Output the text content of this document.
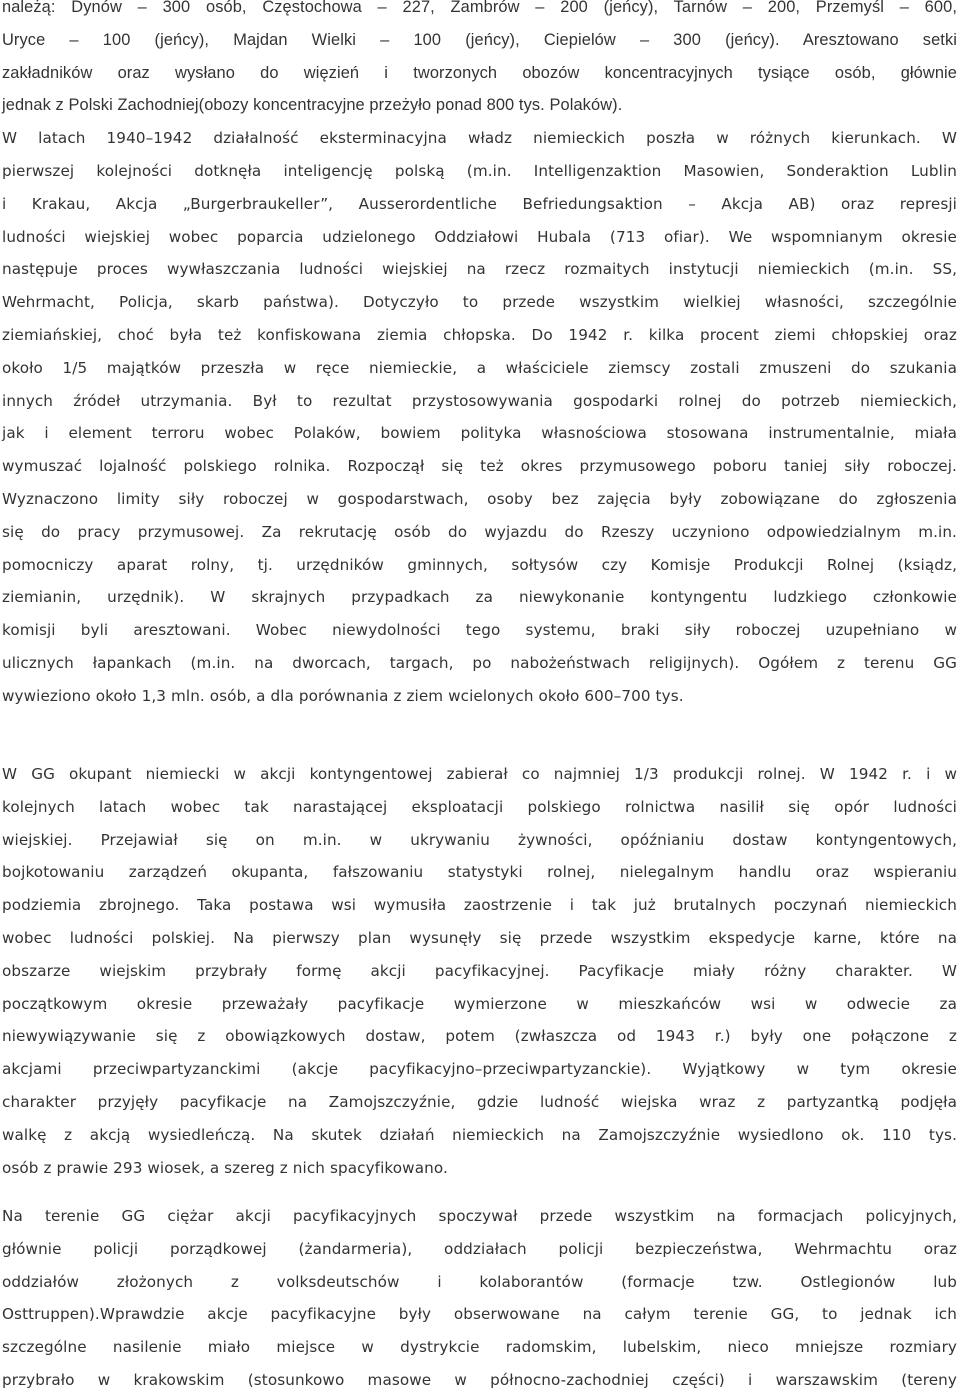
należą: Dynów – 300 osób, Częstochowa – 227, Zambrów – 200 (jeńcy), Tarnów – 200, Przemyśl – 600,
Uryce – 100 (jeńcy), Majdan Wielki – 100 (jeńcy), Ciepielów – 300 (jeńcy). Aresztowano setki
zakładników oraz wysłano do więzień i tworzonych obozów koncentracyjnych tysiące osób, głównie
jednak z Polski Zachodniej(obozy koncentracyjne przeżyło ponad 800 tys. Polaków).
W latach 1940–1942 działalność eksterminacyjna władz niemieckich poszła w różnych kierunkach. W
pierwszej kolejności dotknęła inteligencję polską (m.in. Intelligenzaktion Masowien, Sonderaktion Lublin
i Krakau, Akcja „Burgerbraukeller”, Ausserordentliche Befriedungsaktion – Akcja AB) oraz represji
ludności wiejskiej wobec poparcia udzielonego Oddziałowi Hubala (713 ofiar). We wspomnianym okresie
następuje proces wywłaszczania ludności wiejskiej na rzecz rozmaitych instytucji niemieckich (m.in. SS,
Wehrmacht, Policja, skarb państwa). Dotyczyło to przede wszystkim wielkiej własności, szczególnie
ziemiańskiej, choć była też konfiskowana ziemia chłopska. Do 1942 r. kilka procent ziemi chłopskiej oraz
około 1/5 majątków przeszła w ręce niemieckie, a właściciele ziemscy zostali zmuszeni do szukania
innych źródeł utrzymania. Był to rezultat przystosowywania gospodarki rolnej do potrzeb niemieckich,
jak i element terroru wobec Polaków, bowiem polityka własnościowa stosowana instrumentalnie, miała
wymuszać lojalność polskiego rolnika. Rozpoczął się też okres przymusowego poboru taniej siły roboczej.
Wyznaczono limity siły roboczej w gospodarstwach, osoby bez zajęcia były zobowiązane do zgłoszenia
się do pracy przymusowej. Za rekrutację osób do wyjazdu do Rzeszy uczyniono odpowiedzialnym m.in.
pomocniczy aparat rolny, tj. urzędników gminnych, sołtysów czy Komisje Produkcji Rolnej (ksiądz,
ziemianin, urzędnik). W skrajnych przypadkach za niewykonanie kontyngentu ludzkiego członkowie
komisji byli aresztowani. Wobec niewydolności tego systemu, braki siły roboczej uzupełniano w
ulicznych łapankach (m.in. na dworcach, targach, po nabożeństwach religijnych). Ogółem z terenu GG
wywieziono około 1,3 mln. osób, a dla porównania z ziem wcielonych około 600–700 tys.
W GG okupant niemiecki w akcji kontyngentowej zabierał co najmniej 1/3 produkcji rolnej. W 1942 r. i w
kolejnych latach wobec tak narastającej eksploatacji polskiego rolnictwa nasilił się opór ludności
wiejskiej. Przejawiał się on m.in. w ukrywaniu żywności, opóźnianiu dostaw kontyngentowych,
bojkotowaniu zarządzeń okupanta, fałszowaniu statystyki rolnej, nielegalnym handlu oraz wspieraniu
podziemia zbrojnego. Taka postawa wsi wymusiła zaostrzenie i tak już brutalnych poczynań niemieckich
wobec ludności polskiej. Na pierwszy plan wysunęły się przede wszystkim ekspedycje karne, które na
obszarze wiejskim przybrały formę akcji pacyfikacyjnej. Pacyfikacje miały różny charakter. W
początkowym okresie przeważały pacyfikacje wymierzone w mieszkańców wsi w odwecie za
niewywiązywanie się z obowiązkowych dostaw, potem (zwłaszcza od 1943 r.) były one połączone z
akcjami przeciwpartyzanckimi (akcje pacyfikacyjno–przeciwpartyzanckie). Wyjątkowy w tym okresie
charakter przyjęły pacyfikacje na Zamojszczyźnie, gdzie ludność wiejska wraz z partyzantką podjęła
walkę z akcją wysiedleńczą. Na skutek działań niemieckich na Zamojszczyźnie wysiedlono ok. 110 tys.
osób z prawie 293 wiosek, a szereg z nich spacyfikowano.
Na terenie GG ciężar akcji pacyfikacyjnych spoczywał przede wszystkim na formacjach policyjnych,
głównie policji porządkowej (żandarmeria), oddziałach policji bezpieczeństwa, Wehrmachtu oraz
oddziałów złożonych z volksdeutschów i kolaborantów (formacje tzw. Ostlegionów lub
Osttruppen).Wprawdzie akcje pacyfikacyjne były obserwowane na całym terenie GG, to jednak ich
szczególne nasilenie miało miejsce w dystrykcie radomskim, lubelskim, nieco mniejsze rozmiary
przybrało w krakowskim (stosunkowo masowe w północno-zachodniej części) i warszawskim (tereny
